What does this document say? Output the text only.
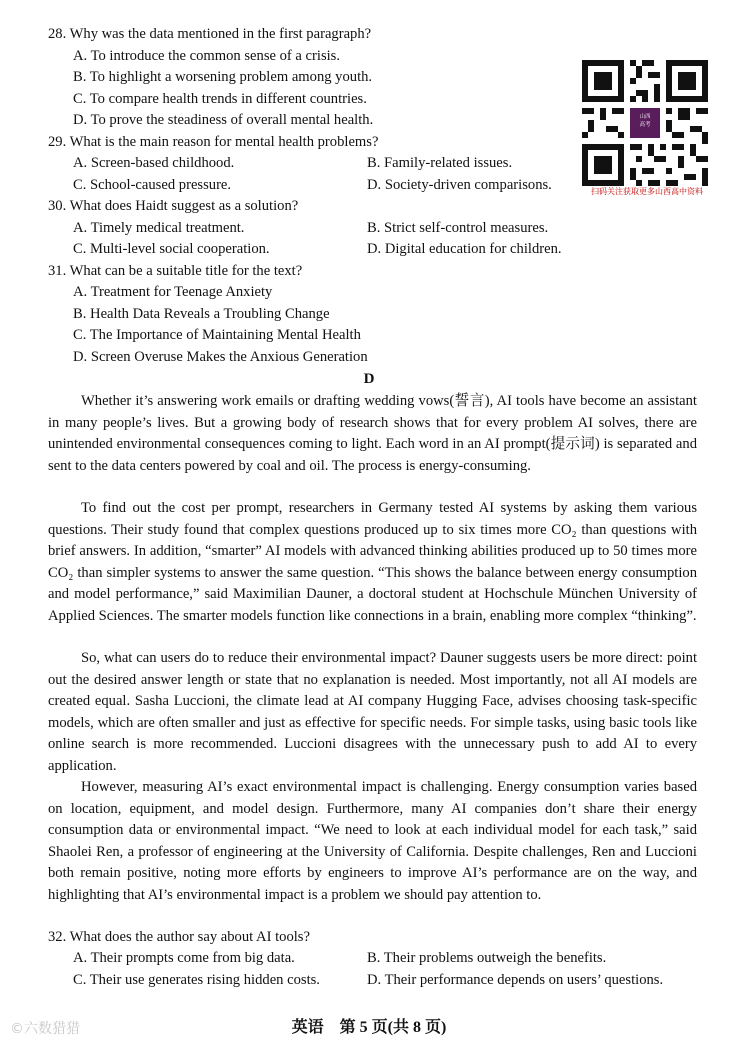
28. Why was the data mentioned in the first paragraph?
A. To introduce the common sense of a crisis.
B. To highlight a worsening problem among youth.
C. To compare health trends in different countries.
D. To prove the steadiness of overall mental health.
29. What is the main reason for mental health problems?
A. Screen-based childhood.	B. Family-related issues.
C. School-caused pressure.	D. Society-driven comparisons.
30. What does Haidt suggest as a solution?
A. Timely medical treatment.	B. Strict self-control measures.
C. Multi-level social cooperation.	D. Digital education for children.
31. What can be a suitable title for the text?
A. Treatment for Teenage Anxiety
B. Health Data Reveals a Troubling Change
C. The Importance of Maintaining Mental Health
D. Screen Overuse Makes the Anxious Generation
山西
高考
扫码关注获取更多山西高中资料
D
Whether it’s answering work emails or drafting wedding vows(誓言), AI tools have become an assistant in many people’s lives. But a growing body of research shows that for every problem AI solves, there are unintended environmental consequences coming to light. Each word in an AI prompt(提示词) is separated and sent to the data centers powered by coal and oil. The process is energy-consuming.
To find out the cost per prompt, researchers in Germany tested AI systems by asking them various questions. Their study found that complex questions produced up to six times more CO₂ than questions with brief answers. In addition, “smarter” AI models with advanced thinking abilities produced up to 50 times more CO₂ than simpler systems to answer the same question. “This shows the balance between energy consumption and model performance,” said Maximilian Dauner, a doctoral student at Hochschule München University of Applied Sciences. The smarter models function like connections in a brain, enabling more complex “thinking”.
So, what can users do to reduce their environmental impact? Dauner suggests users be more direct: point out the desired answer length or state that no explanation is needed. Most importantly, not all AI models are created equal. Sasha Luccioni, the climate lead at AI company Hugging Face, advises choosing task-specific models, which are often smaller and just as effective for specific needs. For simple tasks, using basic tools like online search is more recommended. Luccioni disagrees with the unnecessary push to add AI to every application.
However, measuring AI’s exact environmental impact is challenging. Energy consumption varies based on location, equipment, and model design. Furthermore, many AI companies don’t share their energy consumption data or environmental impact. “We need to look at each individual model for each task,” said Shaolei Ren, a professor of engineering at the University of California. Despite challenges, Ren and Luccioni both remain positive, noting more efforts by engineers to improve AI’s performance are on the way, and highlighting that AI’s environmental impact is a problem we should pay attention to.
32. What does the author say about AI tools?
A. Their prompts come from big data.	B. Their problems outweigh the benefits.
C. Their use generates rising hidden costs.	D. Their performance depends on users’ questions.
英语　第 5 页(共 8 页)
©六数猎猎
